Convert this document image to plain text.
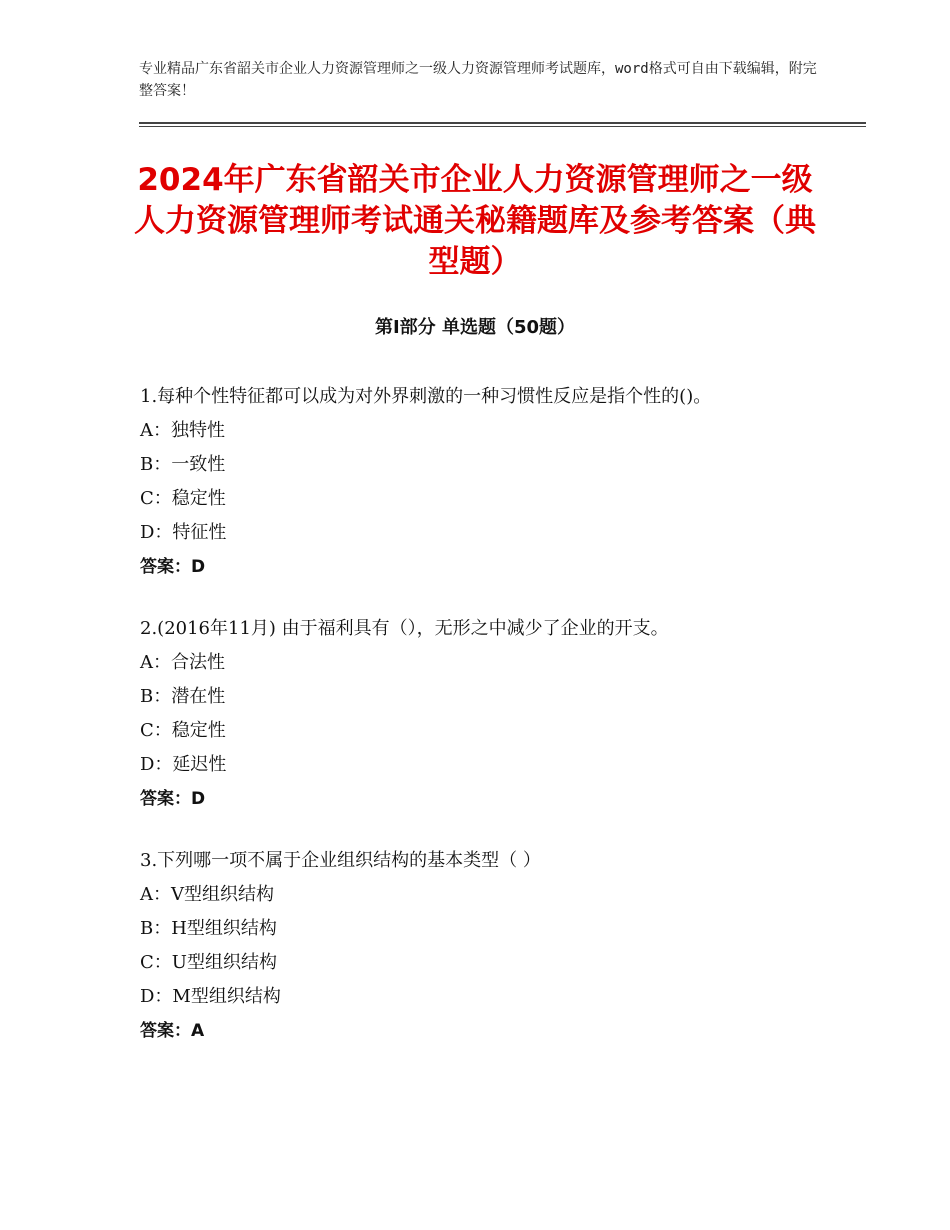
专业精品广东省韶关市企业人力资源管理师之一级人力资源管理师考试题库，word格式可自由下载编辑，附完整答案！
2024年广东省韶关市企业人力资源管理师之一级人力资源管理师考试通关秘籍题库及参考答案（典型题）
第Ⅰ部分 单选题（50题）
1.每种个性特征都可以成为对外界刺激的一种习惯性反应是指个性的()。
A：独特性
B：一致性
C：稳定性
D：特征性
答案：D
2.(2016年11月) 由于福利具有（），无形之中减少了企业的开支。
A：合法性
B：潜在性
C：稳定性
D：延迟性
答案：D
3.下列哪一项不属于企业组织结构的基本类型（ ）
A：V型组织结构
B：H型组织结构
C：U型组织结构
D：M型组织结构
答案：A
